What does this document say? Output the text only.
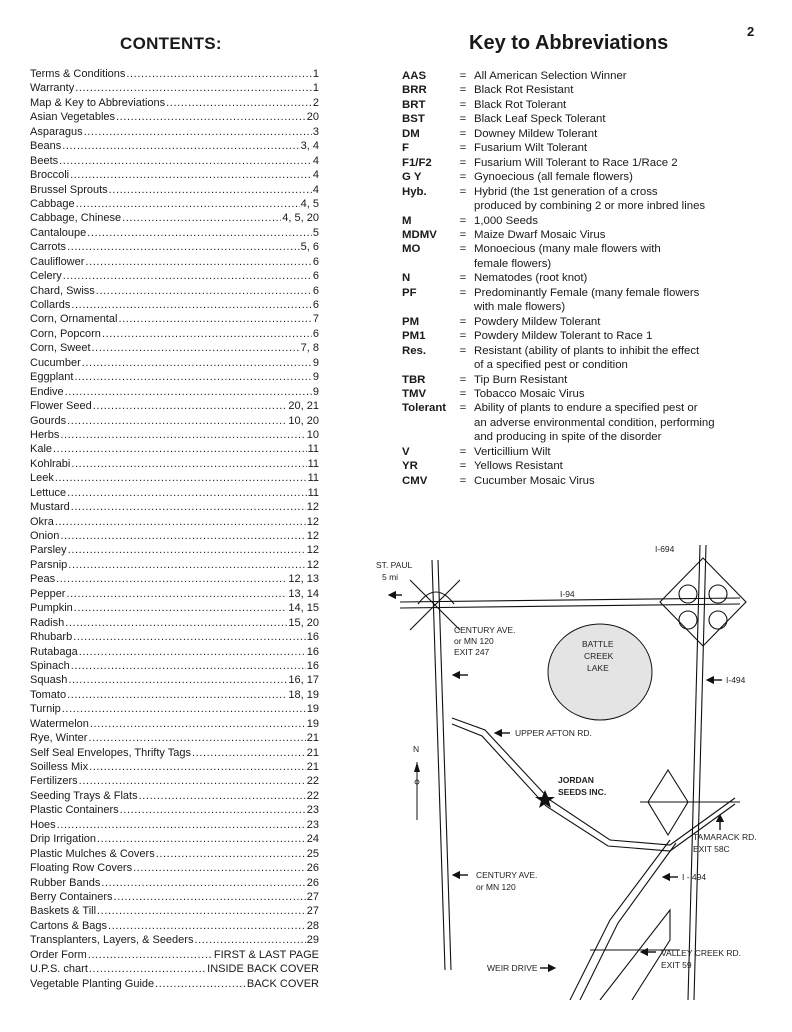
2
CONTENTS:
Terms & Conditions .....	1
Warranty .....	1
Map & Key to Abbreviations .....	2
Asian Vegetables .....	20
Asparagus .....	3
Beans .....	3, 4
Beets .....	4
Broccoli .....	4
Brussel Sprouts .....	4
Cabbage .....	4, 5
Cabbage, Chinese .....	4, 5, 20
Cantaloupe .....	5
Carrots .....	5, 6
Cauliflower .....	6
Celery .....	6
Chard, Swiss .....	6
Collards .....	6
Corn, Ornamental .....	7
Corn, Popcorn .....	6
Corn, Sweet .....	7, 8
Cucumber .....	9
Eggplant .....	9
Endive .....	9
Flower Seed .....	20, 21
Gourds .....	10, 20
Herbs .....	10
Kale .....	11
Kohlrabi .....	11
Leek .....	11
Lettuce .....	11
Mustard .....	12
Okra .....	12
Onion .....	12
Parsley .....	12
Parsnip .....	12
Peas .....	12, 13
Pepper .....	13, 14
Pumpkin .....	14, 15
Radish .....	15, 20
Rhubarb .....	16
Rutabaga .....	16
Spinach .....	16
Squash .....	16, 17
Tomato .....	18, 19
Turnip .....	19
Watermelon .....	19
Rye, Winter .....	21
Self Seal Envelopes, Thrifty Tags .....	21
Soilless Mix .....	21
Fertilizers .....	22
Seeding Trays & Flats .....	22
Plastic Containers .....	23
Hoes .....	23
Drip Irrigation .....	24
Plastic Mulches & Covers .....	25
Floating Row Covers .....	26
Rubber Bands .....	26
Berry Containers .....	27
Baskets & Till .....	27
Cartons & Bags .....	28
Transplanters, Layers, & Seeders .....	29
Order Form .....	FIRST & LAST PAGE
U.P.S. chart .....	INSIDE BACK COVER
Vegetable Planting Guide .....	BACK COVER
Key to Abbreviations
AAS	= All American Selection Winner
BRR	= Black Rot Resistant
BRT	= Black Rot Tolerant
BST	= Black Leaf Speck Tolerant
DM	= Downey Mildew Tolerant
F	= Fusarium Wilt Tolerant
F1/F2	= Fusarium Will Tolerant to Race 1/Race 2
G Y	= Gynoecious (all female flowers)
Hyb.	= Hybrid (the 1st generation of a cross
produced by combining 2 or more inbred lines
M	= 1,000 Seeds
MDMV	= Maize Dwarf Mosaic Virus
MO	= Monoecious (many male flowers with
female flowers)
N	= Nematodes (root knot)
PF	= Predominantly Female (many female flowers
with male flowers)
PM	= Powdery Mildew Tolerant
PM1	= Powdery Mildew Tolerant to Race 1
Res.	= Resistant (ability of plants to inhibit the effect
of a specified pest or condition
TBR	= Tip Burn Resistant
TMV	= Tobacco Mosaic Virus
Tolerant	= Ability of plants to endure a specified pest or
an adverse environmental condition, performing
and producing in spite of the disorder
V	= Verticillium Wilt
YR	= Yellows Resistant
CMV	= Cucumber Mosaic Virus
ST. PAUL
5 mi
I-694
I-94
I-494
CENTURY AVE.
or MN 120
EXIT 247
BATTLE
CREEK
LAKE
UPPER AFTON RD.
N
JORDAN
SEEDS INC.
TAMARACK RD.
EXIT 58C
CENTURY AVE.
or MN 120
I - 494
VALLEY CREEK RD.
EXIT 59
WEIR DRIVE
